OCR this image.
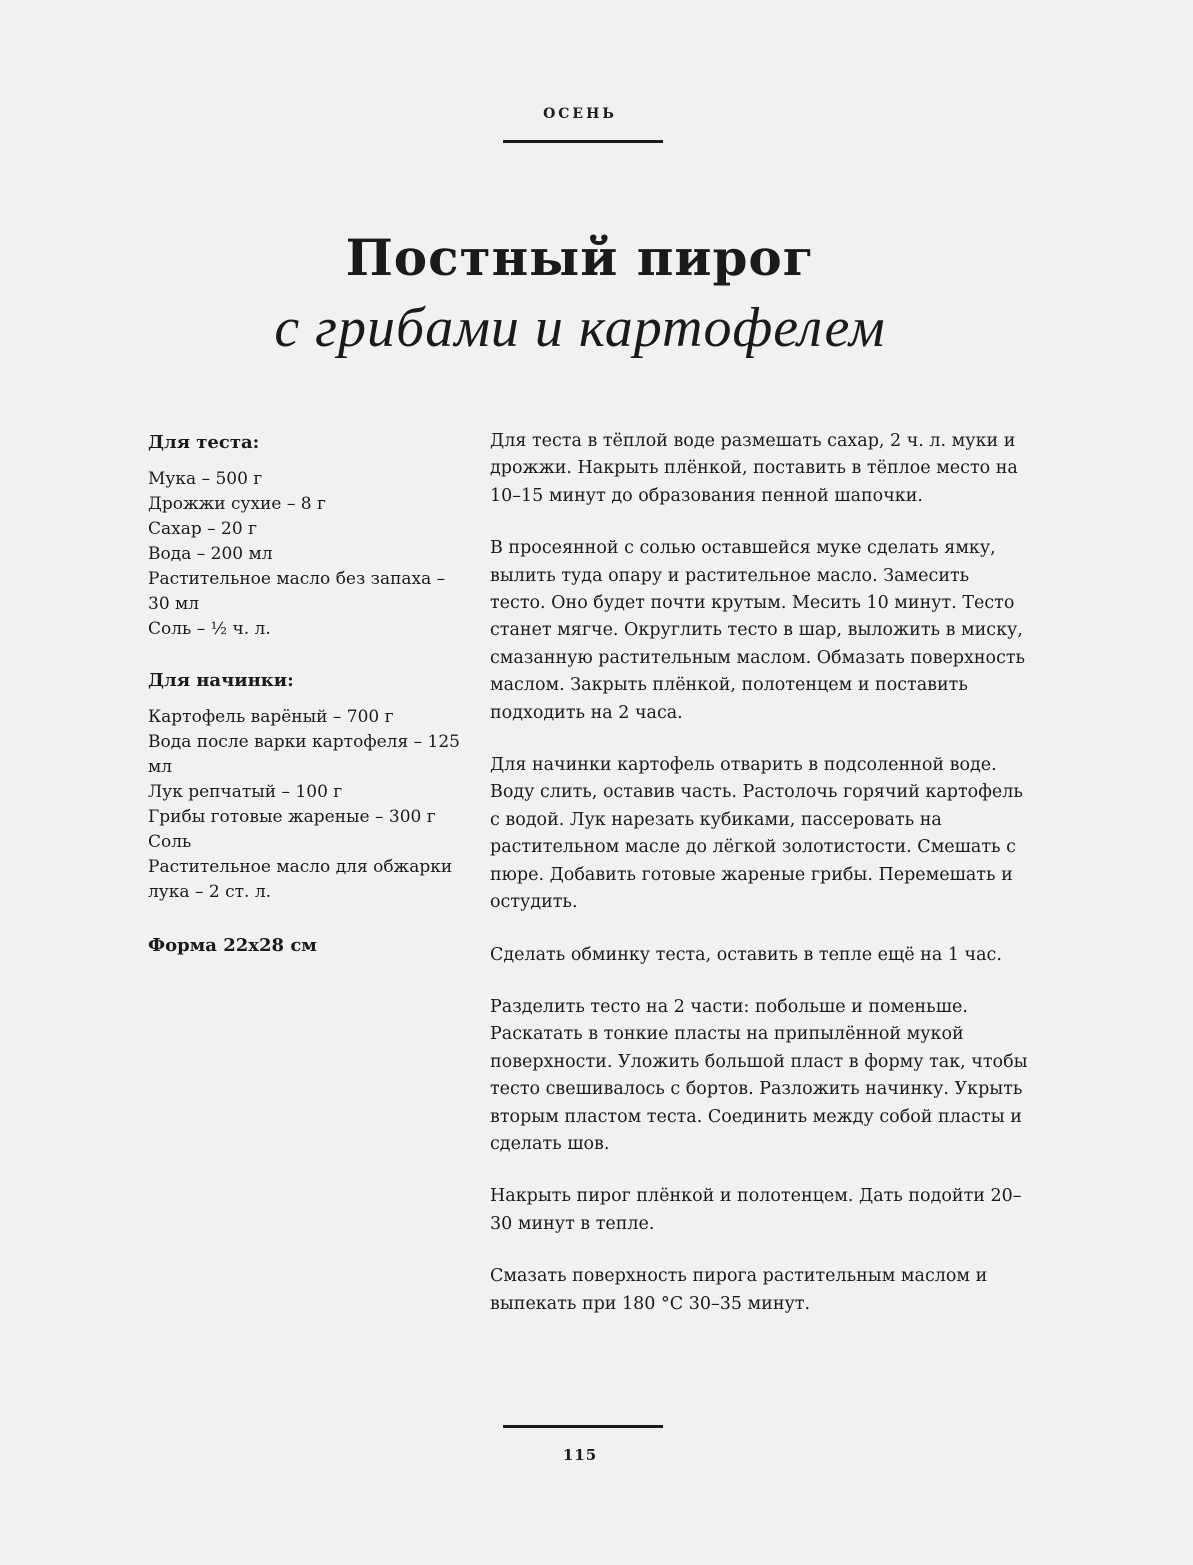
ОСЕНЬ
Постный пирог
с грибами и картофелем
Для теста:
Мука – 500 г
Дрожжи сухие – 8 г
Сахар – 20 г
Вода – 200 мл
Растительное масло без запаха – 30 мл
Соль – ½ ч. л.
Для начинки:
Картофель варёный – 700 г
Вода после варки картофеля – 125 мл
Лук репчатый – 100 г
Грибы готовые жареные – 300 г
Соль
Растительное масло для обжарки лука – 2 ст. л.
Форма 22x28 см

Для теста в тёплой воде размешать сахар, 2 ч. л. муки и дрожжи. Накрыть плёнкой, поставить в тёплое место на 10–15 минут до образования пенной шапочки.

В просеянной с солью оставшейся муке сделать ямку, вылить туда опару и растительное масло. Замесить тесто. Оно будет почти крутым. Месить 10 минут. Тесто станет мягче. Округлить тесто в шар, выложить в миску, смазанную растительным маслом. Обмазать поверхность маслом. Закрыть плёнкой, полотенцем и поставить подходить на 2 часа.

Для начинки картофель отварить в подсоленной воде. Воду слить, оставив часть. Растолочь горячий картофель с водой. Лук нарезать кубиками, пассеровать на растительном масле до лёгкой золотистости. Смешать с пюре. Добавить готовые жареные грибы. Перемешать и остудить.

Сделать обминку теста, оставить в тепле ещё на 1 час.

Разделить тесто на 2 части: побольше и поменьше. Раскатать в тонкие пласты на припылённой мукой поверхности. Уложить большой пласт в форму так, чтобы тесто свешивалось с бортов. Разложить начинку. Укрыть вторым пластом теста. Соединить между собой пласты и сделать шов.

Накрыть пирог плёнкой и полотенцем. Дать подойти 20–30 минут в тепле.

Смазать поверхность пирога растительным маслом и выпекать при 180 °C 30–35 минут.

115
